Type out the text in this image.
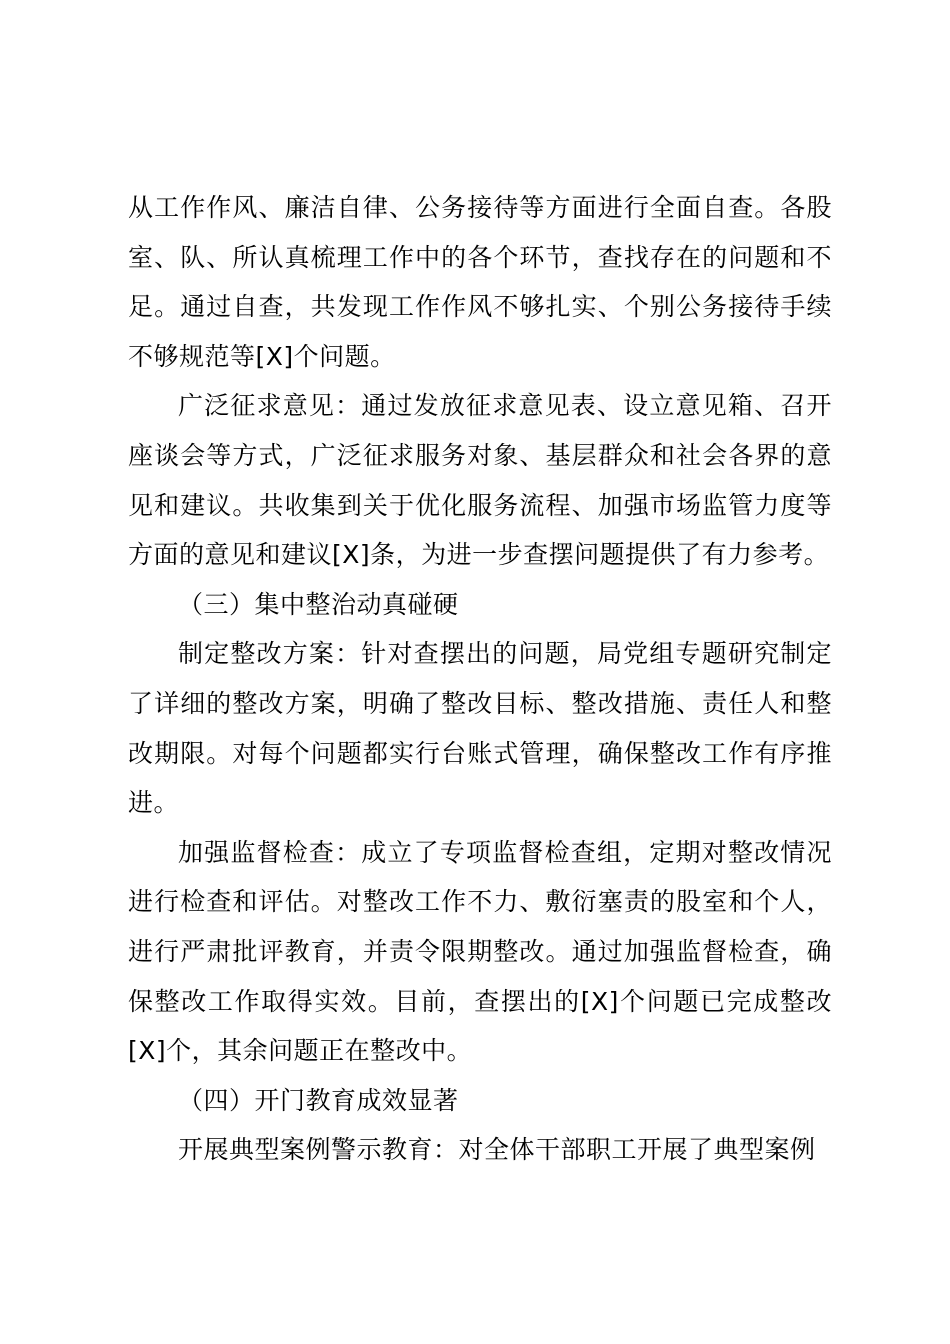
从工作作风、廉洁自律、公务接待等方面进行全面自查。各股室、队、所认真梳理工作中的各个环节，查找存在的问题和不足。通过自查，共发现工作作风不够扎实、个别公务接待手续不够规范等[X]个问题。

广泛征求意见：通过发放征求意见表、设立意见箱、召开座谈会等方式，广泛征求服务对象、基层群众和社会各界的意见和建议。共收集到关于优化服务流程、加强市场监管力度等方面的意见和建议[X]条，为进一步查摆问题提供了有力参考。

（三）集中整治动真碰硬

制定整改方案：针对查摆出的问题，局党组专题研究制定了详细的整改方案，明确了整改目标、整改措施、责任人和整改期限。对每个问题都实行台账式管理，确保整改工作有序推进。

加强监督检查：成立了专项监督检查组，定期对整改情况进行检查和评估。对整改工作不力、敷衍塞责的股室和个人，进行严肃批评教育，并责令限期整改。通过加强监督检查，确保整改工作取得实效。目前，查摆出的[X]个问题已完成整改[X]个，其余问题正在整改中。

（四）开门教育成效显著

开展典型案例警示教育：对全体干部职工开展了典型案例
